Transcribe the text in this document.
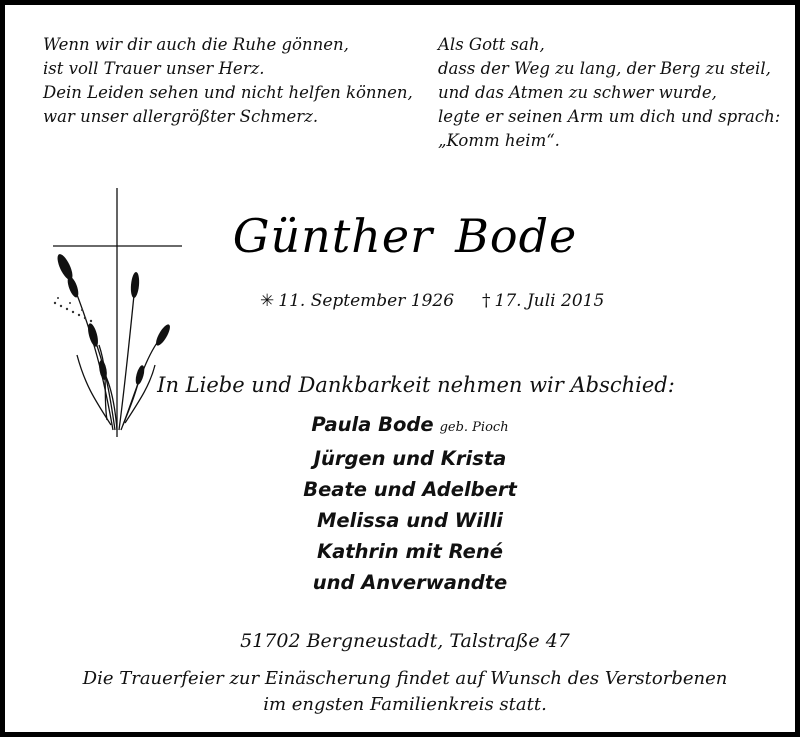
Wenn wir dir auch die Ruhe gönnen,
ist voll Trauer unser Herz.
Dein Leiden sehen und nicht helfen können,
war unser allergrößter Schmerz.
Als Gott sah,
dass der Weg zu lang, der Berg zu steil,
und das Atmen zu schwer wurde,
legte er seinen Arm um dich und sprach:
„Komm heim“.
Günther Bode
✳ 11. September 1926 † 17. Juli 2015
In Liebe und Dankbarkeit nehmen wir Abschied:
Paula Bode geb. Pioch
Jürgen und Krista
Beate und Adelbert
Melissa und Willi
Kathrin mit René
und Anverwandte
51702 Bergneustadt, Talstraße 47
Die Trauerfeier zur Einäscherung findet auf Wunsch des Verstorbenen
im engsten Familienkreis statt.
